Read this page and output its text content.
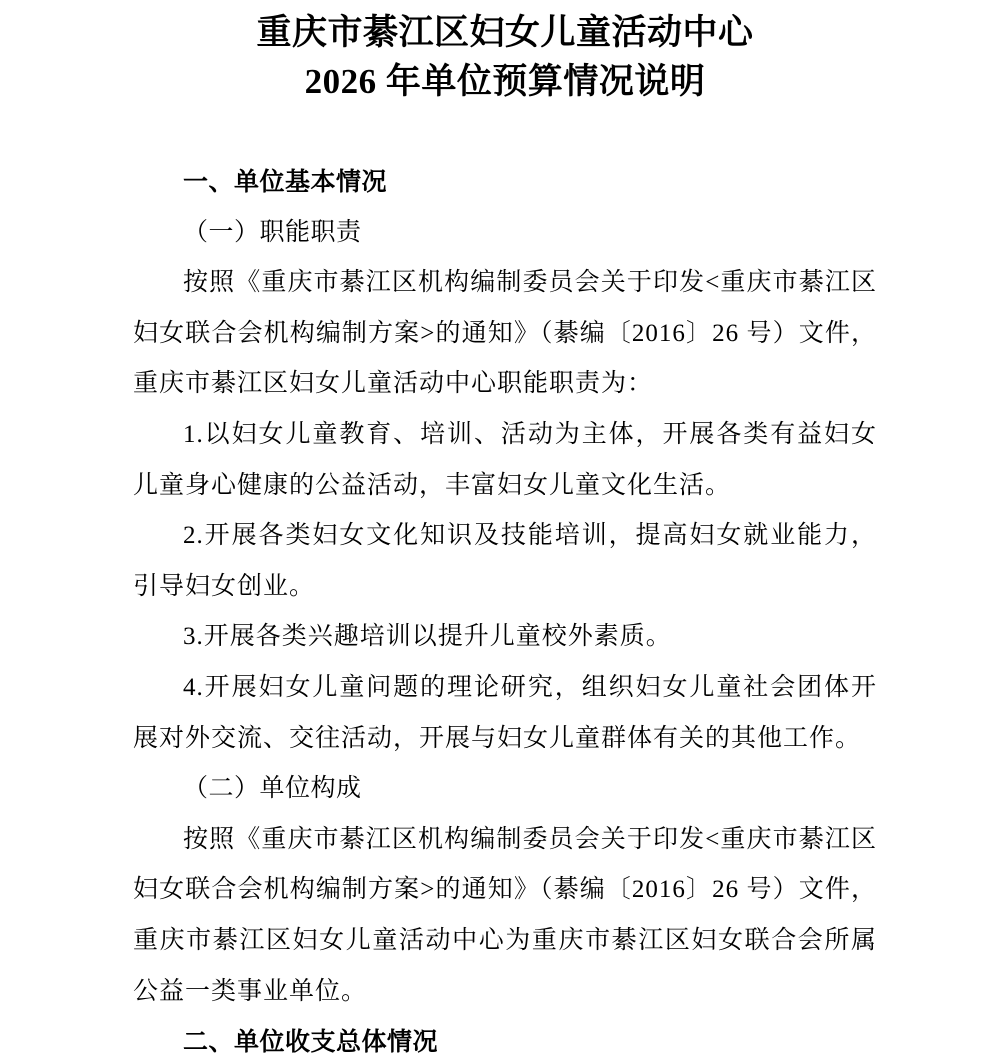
重庆市綦江区妇女儿童活动中心
2026 年单位预算情况说明

一、单位基本情况

（一）职能职责

按照《重庆市綦江区机构编制委员会关于印发<重庆市綦江区妇女联合会机构编制方案>的通知》（綦编〔2016〕26 号）文件，重庆市綦江区妇女儿童活动中心职能职责为：

1.以妇女儿童教育、培训、活动为主体，开展各类有益妇女儿童身心健康的公益活动，丰富妇女儿童文化生活。

2.开展各类妇女文化知识及技能培训，提高妇女就业能力，引导妇女创业。

3.开展各类兴趣培训以提升儿童校外素质。

4.开展妇女儿童问题的理论研究，组织妇女儿童社会团体开展对外交流、交往活动，开展与妇女儿童群体有关的其他工作。

（二）单位构成

按照《重庆市綦江区机构编制委员会关于印发<重庆市綦江区妇女联合会机构编制方案>的通知》（綦编〔2016〕26 号）文件，重庆市綦江区妇女儿童活动中心为重庆市綦江区妇女联合会所属公益一类事业单位。

二、单位收支总体情况
